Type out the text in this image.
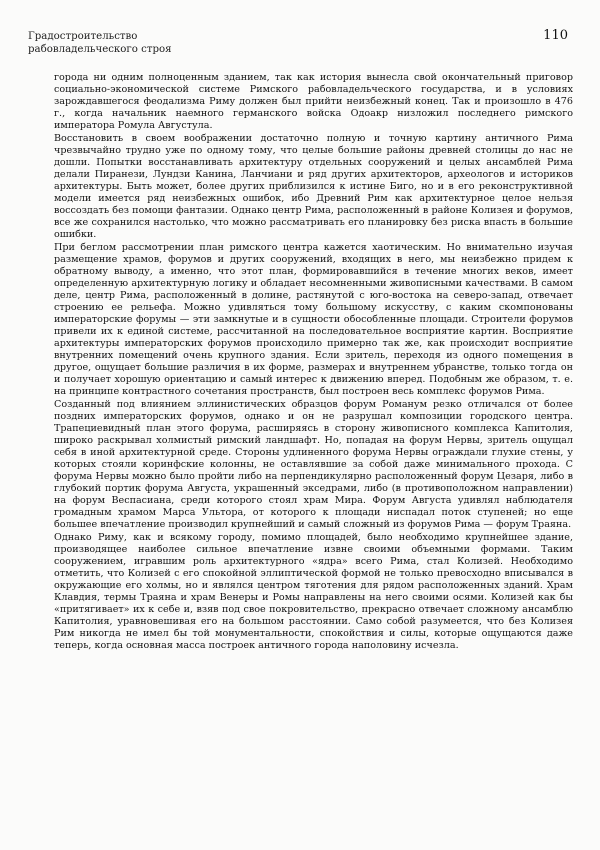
Градостроительство
рабовладельческого строя
110

города ни одним полноценным зданием, так как история вынесла свой окончательный приговор социально-экономической системе Римского рабовладельческого государства, и в условиях зарождавшегося феодализма Риму должен был прийти неизбежный конец. Так и произошло в 476 г., когда начальник наемного германского войска Одоакр низложил последнего римского императора Ромула Августула.

Восстановить в своем воображении достаточно полную и точную картину античного Рима чрезвычайно трудно уже по одному тому, что целые большие районы древней столицы до нас не дошли. Попытки восстанавливать архитектуру отдельных сооружений и целых ансамблей Рима делали Пиранези, Лундзи Канина, Ланчиани и ряд других архитекторов, археологов и историков архитектуры. Быть может, более других приблизился к истине Биго, но и в его реконструктивной модели имеется ряд неизбежных ошибок, ибо Древний Рим как архитектурное целое нельзя воссоздать без помощи фантазии. Однако центр Рима, расположенный в районе Колизея и форумов, все же сохранился настолько, что можно рассматривать его планировку без риска впасть в большие ошибки.

При беглом рассмотрении план римского центра кажется хаотическим. Но внимательно изучая размещение храмов, форумов и других сооружений, входящих в него, мы неизбежно придем к обратному выводу, а именно, что этот план, формировавшийся в течение многих веков, имеет определенную архитектурную логику и обладает несомненными живописными качествами. В самом деле, центр Рима, расположенный в долине, растянутой с юго-востока на северо-запад, отвечает строению ее рельефа. Можно удивляться тому большому искусству, с каким скомпонованы императорские форумы — эти замкнутые и в сущности обособленные площади. Строители форумов привели их к единой системе, рассчитанной на последовательное восприятие картин. Восприятие архитектуры императорских форумов происходило примерно так же, как происходит восприятие внутренних помещений очень крупного здания. Если зритель, переходя из одного помещения в другое, ощущает большие различия в их форме, размерах и внутреннем убранстве, только тогда он и получает хорошую ориентацию и самый интерес к движению вперед. Подобным же образом, т. е. на принципе контрастного сочетания пространств, был построен весь комплекс форумов Рима.

Созданный под влиянием эллинистических образцов форум Романум резко отличался от более поздних императорских форумов, однако и он не разрушал композиции городского центра. Трапециевидный план этого форума, расширяясь в сторону живописного комплекса Капитолия, широко раскрывал холмистый римский ландшафт. Но, попадая на форум Нервы, зритель ощущал себя в иной архитектурной среде. Стороны удлиненного форума Нервы ограждали глухие стены, у которых стояли коринфские колонны, не оставлявшие за собой даже минимального прохода. С форума Нервы можно было пройти либо на перпендикулярно расположенный форум Цезаря, либо в глубокий портик форума Августа, украшенный экседрами, либо (в противоположном направлении) на форум Веспасиана, среди которого стоял храм Мира. Форум Августа удивлял наблюдателя громадным храмом Марса Ультора, от которого к площади ниспадал поток ступеней; но еще большее впечатление производил крупнейший и самый сложный из форумов Рима — форум Траяна.

Однако Риму, как и всякому городу, помимо площадей, было необходимо крупнейшее здание, производящее наиболее сильное впечатление извне своими объемными формами. Таким сооружением, игравшим роль архитектурного «ядра» всего Рима, стал Колизей. Необходимо отметить, что Колизей с его спокойной эллиптической формой не только превосходно вписывался в окружающие его холмы, но и являлся центром тяготения для рядом расположенных зданий. Храм Клавдия, термы Траяна и храм Венеры и Ромы направлены на него своими осями. Колизей как бы «притягивает» их к себе и, взяв под свое покровительство, прекрасно отвечает сложному ансамблю Капитолия, уравновешивая его на большом расстоянии. Само собой разумеется, что без Колизея Рим никогда не имел бы той монументальности, спокойствия и силы, которые ощущаются даже теперь, когда основная масса построек античного города наполовину исчезла.
